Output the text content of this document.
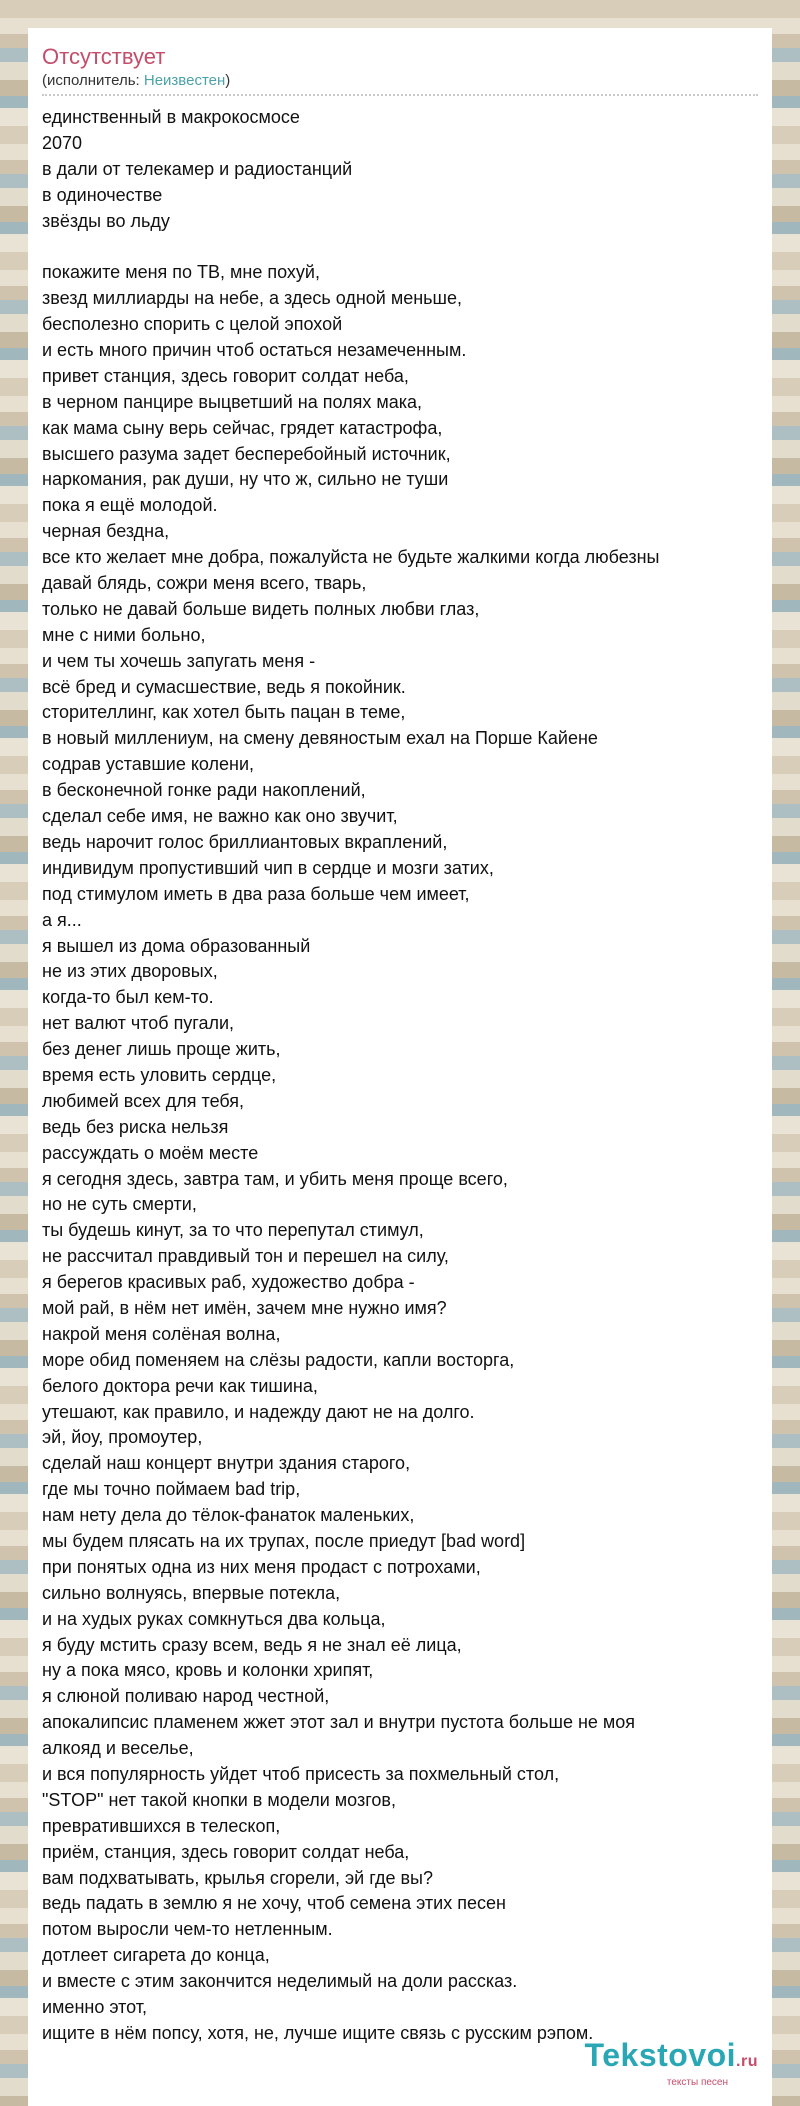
Отсутствует
(исполнитель: Неизвестен)
единственный в макрокосмосе
2070
в дали от телекамер и радиостанций
в одиночестве
звёзды во льду
покажите меня по ТВ, мне похуй,
звезд миллиарды на небе, а здесь одной меньше,
бесполезно спорить с целой эпохой
и есть много причин чтоб остаться незамеченным.
привет станция, здесь говорит солдат неба,
в черном панцире выцветший на полях мака,
как мама сыну верь сейчас, грядет катастрофа,
высшего разума задет бесперебойный источник,
наркомания, рак души, ну что ж, сильно не туши
пока я ещё молодой.
черная бездна,
все кто желает мне добра, пожалуйста не будьте жалкими когда любезны
давай блядь, сожри меня всего, тварь,
только не давай больше видеть полных любви глаз,
мне с ними больно,
и чем ты хочешь запугать меня -
всё бред и сумасшествие, ведь я покойник.
сторителлинг, как хотел быть пацан в теме,
в новый миллениум, на смену девяностым ехал на Порше Кайене
содрав уставшие колени,
в бесконечной гонке ради накоплений,
сделал себе имя, не важно как оно звучит,
ведь нарочит голос бриллиантовых вкраплений,
индивидум пропустивший чип в сердце и мозги затих,
под стимулом иметь в два раза больше чем имеет,
а я...
я вышел из дома образованный
не из этих дворовых,
когда-то был кем-то.
нет валют чтоб пугали,
без денег лишь проще жить,
время есть уловить сердце,
любимей всех для тебя,
ведь без риска нельзя
рассуждать о моём месте
я сегодня здесь, завтра там, и убить меня проще всего,
но не суть смерти,
ты будешь кинут, за то что перепутал стимул,
не рассчитал правдивый тон и перешел на силу,
я берегов красивых раб, художество добра -
мой рай, в нём нет имён, зачем мне нужно имя?
накрой меня солёная волна,
море обид поменяем на слёзы радости, капли восторга,
белого доктора речи как тишина,
утешают, как правило, и надежду дают не на долго.
эй, йоу, промоутер,
сделай наш концерт внутри здания старого,
где мы точно поймаем bad trip,
нам нету дела до тёлок-фанаток маленьких,
мы будем плясать на их трупах, после приедут [bad word]
при понятых одна из них меня продаст с потрохами,
сильно волнуясь, впервые потекла,
и на худых руках сомкнуться два кольца,
я буду мстить сразу всем, ведь я не знал её лица,
ну а пока мясо, кровь и колонки хрипят,
я слюной поливаю народ честной,
апокалипсис пламенем жжет этот зал и внутри пустота больше не моя
алкояд и веселье,
и вся популярность уйдет чтоб присесть за похмельный стол,
"STOP" нет такой кнопки в модели мозгов,
превратившихся в телескоп,
приём, станция, здесь говорит солдат неба,
вам подхватывать, крылья сгорели, эй где вы?
ведь падать в землю я не хочу, чтоб семена этих песен
потом выросли чем-то нетленным.
дотлеет сигарета до конца,
и вместе с этим закончится неделимый на доли рассказ.
именно этот,
ищите в нём попсу, хотя, не, лучше ищите связь с русским рэпом.
Tekstovoi.ru
тексты песен
